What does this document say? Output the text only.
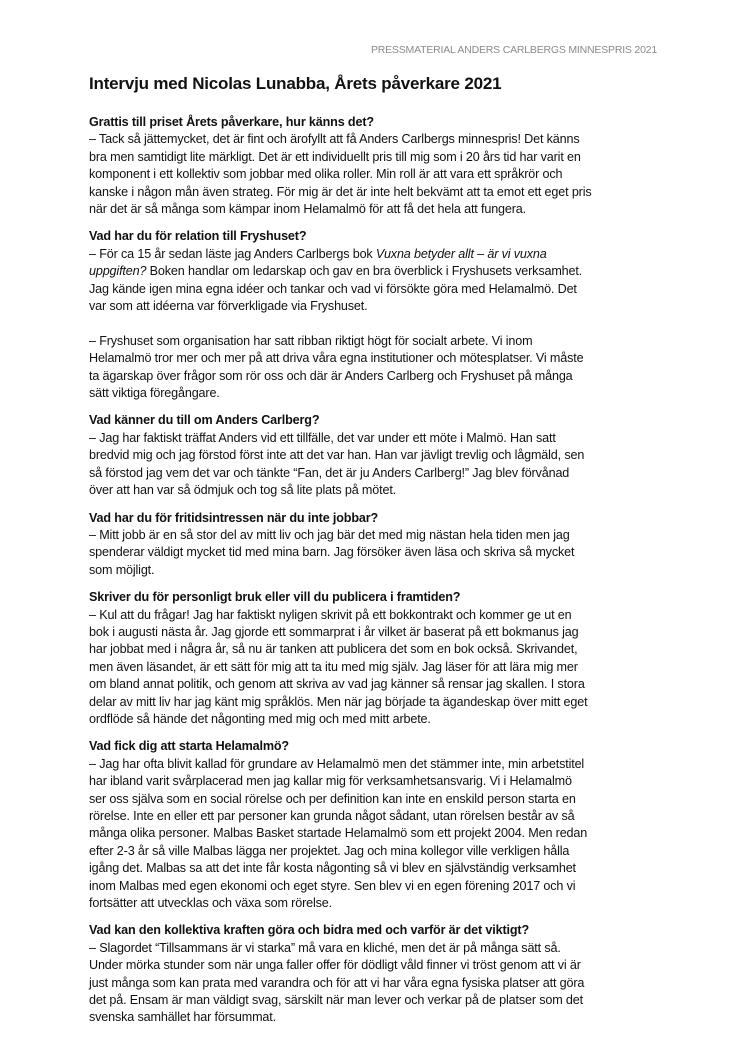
PRESSMATERIAL ANDERS CARLBERGS MINNESPRIS 2021
Intervju med Nicolas Lunabba, Årets påverkare 2021
Grattis till priset Årets påverkare, hur känns det?

– Tack så jättemycket, det är fint och ärofyllt att få Anders Carlbergs minnespris! Det känns
bra men samtidigt lite märkligt. Det är ett individuellt pris till mig som i 20 års tid har varit en
komponent i ett kollektiv som jobbar med olika roller. Min roll är att vara ett språkrör och
kanske i någon mån även strateg. För mig är det är inte helt bekvämt att ta emot ett eget pris
när det är så många som kämpar inom Helamalmö för att få det hela att fungera.

Vad har du för relation till Fryshuset?

– För ca 15 år sedan läste jag Anders Carlbergs bok Vuxna betyder allt – är vi vuxna
uppgiften? Boken handlar om ledarskap och gav en bra överblick i Fryshusets verksamhet.
Jag kände igen mina egna idéer och tankar och vad vi försökte göra med Helamalmö. Det
var som att idéerna var förverkligade via Fryshuset.

– Fryshuset som organisation har satt ribban riktigt högt för socialt arbete. Vi inom
Helamalmö tror mer och mer på att driva våra egna institutioner och mötesplatser. Vi måste
ta ägarskap över frågor som rör oss och där är Anders Carlberg och Fryshuset på många
sätt viktiga föregångare.

Vad känner du till om Anders Carlberg?

– Jag har faktiskt träffat Anders vid ett tillfälle, det var under ett möte i Malmö. Han satt
bredvid mig och jag förstod först inte att det var han. Han var jävligt trevlig och lågmäld, sen
så förstod jag vem det var och tänkte “Fan, det är ju Anders Carlberg!” Jag blev förvånad
över att han var så ödmjuk och tog så lite plats på mötet.

Vad har du för fritidsintressen när du inte jobbar?

– Mitt jobb är en så stor del av mitt liv och jag bär det med mig nästan hela tiden men jag
spenderar väldigt mycket tid med mina barn. Jag försöker även läsa och skriva så mycket
som möjligt.

Skriver du för personligt bruk eller vill du publicera i framtiden?

– Kul att du frågar! Jag har faktiskt nyligen skrivit på ett bokkontrakt och kommer ge ut en
bok i augusti nästa år. Jag gjorde ett sommarprat i år vilket är baserat på ett bokmanus jag
har jobbat med i några år, så nu är tanken att publicera det som en bok också. Skrivandet,
men även läsandet, är ett sätt för mig att ta itu med mig själv. Jag läser för att lära mig mer
om bland annat politik, och genom att skriva av vad jag känner så rensar jag skallen. I stora
delar av mitt liv har jag känt mig språklös. Men när jag började ta ägandeskap över mitt eget
ordflöde så hände det någonting med mig och med mitt arbete.

Vad fick dig att starta Helamalmö?

– Jag har ofta blivit kallad för grundare av Helamalmö men det stämmer inte, min arbetstitel
har ibland varit svårplacerad men jag kallar mig för verksamhetsansvarig. Vi i Helamalmö
ser oss själva som en social rörelse och per definition kan inte en enskild person starta en
rörelse. Inte en eller ett par personer kan grunda något sådant, utan rörelsen består av så
många olika personer. Malbas Basket startade Helamalmö som ett projekt 2004. Men redan
efter 2-3 år så ville Malbas lägga ner projektet. Jag och mina kollegor ville verkligen hålla
igång det. Malbas sa att det inte får kosta någonting så vi blev en självständig verksamhet
inom Malbas med egen ekonomi och eget styre. Sen blev vi en egen förening 2017 och vi
fortsätter att utvecklas och växa som rörelse.

Vad kan den kollektiva kraften göra och bidra med och varför är det viktigt?

– Slagordet “Tillsammans är vi starka” må vara en kliché, men det är på många sätt så.
Under mörka stunder som när unga faller offer för dödligt våld finner vi tröst genom att vi är
just många som kan prata med varandra och för att vi har våra egna fysiska platser att göra
det på. Ensam är man väldigt svag, särskilt när man lever och verkar på de platser som det
svenska samhället har försummat.
